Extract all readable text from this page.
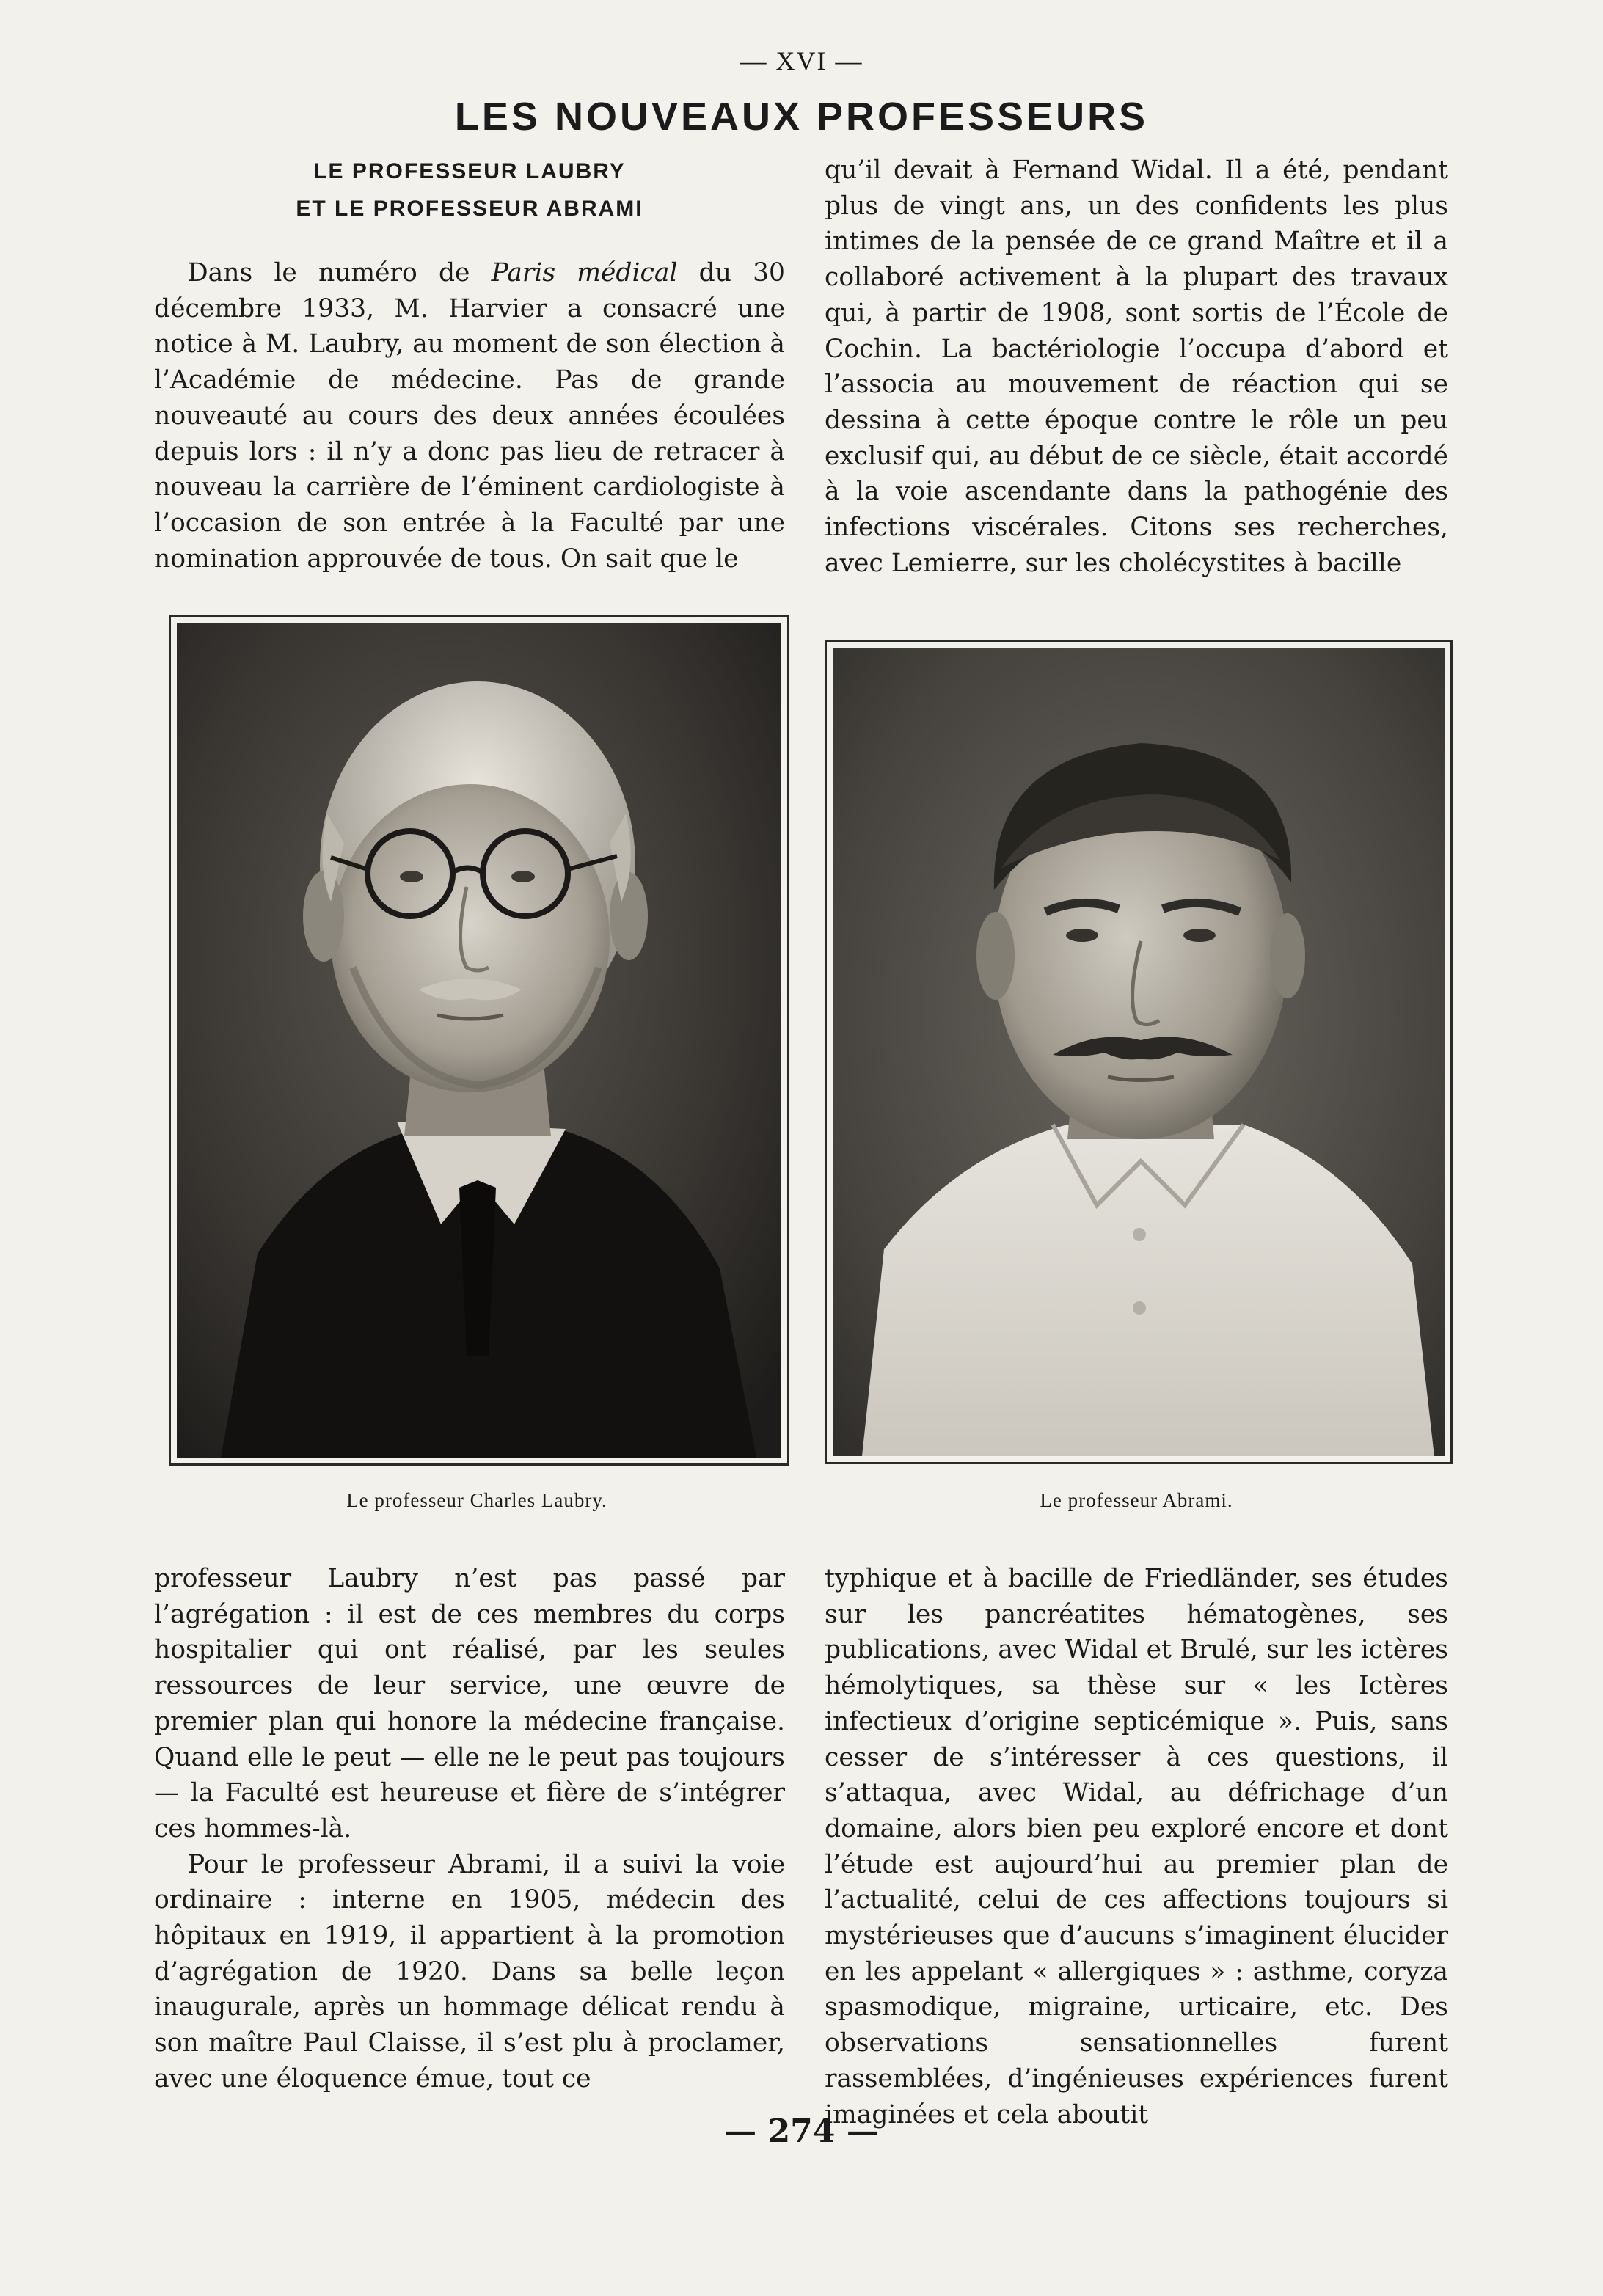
— XVI —
LES NOUVEAUX PROFESSEURS
LE PROFESSEUR LAUBRY
ET LE PROFESSEUR ABRAMI

Dans le numéro de Paris médical du 30 décembre 1933, M. Harvier a consacré une notice à M. Laubry, au moment de son élection à l’Académie de médecine. Pas de grande nouveauté au cours des deux années écoulées depuis lors : il n’y a donc pas lieu de retracer à nouveau la carrière de l’éminent cardiologiste à l’occasion de son entrée à la Faculté par une nomination approuvée de tous. On sait que le

qu’il devait à Fernand Widal. Il a été, pendant plus de vingt ans, un des confidents les plus intimes de la pensée de ce grand Maître et il a collaboré activement à la plupart des travaux qui, à partir de 1908, sont sortis de l’École de Cochin. La bactériologie l’occupa d’abord et l’associa au mouvement de réaction qui se dessina à cette époque contre le rôle un peu exclusif qui, au début de ce siècle, était accordé à la voie ascendante dans la pathogénie des infections viscérales. Citons ses recherches, avec Lemierre, sur les cholécystites à bacille

Le professeur Charles Laubry.	Le professeur Abrami.

professeur Laubry n’est pas passé par l’agrégation : il est de ces membres du corps hospitalier qui ont réalisé, par les seules ressources de leur service, une œuvre de premier plan qui honore la médecine française. Quand elle le peut — elle ne le peut pas toujours — la Faculté est heureuse et fière de s’intégrer ces hommes-là.

Pour le professeur Abrami, il a suivi la voie ordinaire : interne en 1905, médecin des hôpitaux en 1919, il appartient à la promotion d’agrégation de 1920. Dans sa belle leçon inaugurale, après un hommage délicat rendu à son maître Paul Claisse, il s’est plu à proclamer, avec une éloquence émue, tout ce

typhique et à bacille de Friedländer, ses études sur les pancréatites hématogènes, ses publications, avec Widal et Brulé, sur les ictères hémolytiques, sa thèse sur « les Ictères infectieux d’origine septicémique ». Puis, sans cesser de s’intéresser à ces questions, il s’attaqua, avec Widal, au défrichage d’un domaine, alors bien peu exploré encore et dont l’étude est aujourd’hui au premier plan de l’actualité, celui de ces affections toujours si mystérieuses que d’aucuns s’imaginent élucider en les appelant « allergiques » : asthme, coryza spasmodique, migraine, urticaire, etc. Des observations sensationnelles furent rassemblées, d’ingénieuses expériences furent imaginées et cela aboutit

— 274 —
